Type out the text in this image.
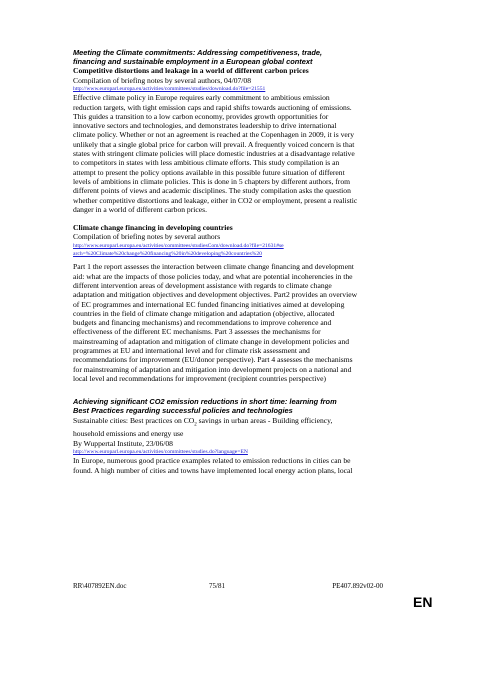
Meeting the Climate commitments: Addressing competitiveness, trade,

financing and sustainable employment in a European global context

Competitive distortions and leakage in a world of different carbon prices

Compilation of briefing notes by several authors, 04/07/08

http://www.europarl.europa.eu/activities/committees/studies/download.do?file=21551

Effective climate policy in Europe requires early commitment to ambitious emission
reduction targets, with tight emission caps and rapid shifts towards auctioning of emissions.
This guides a transition to a low carbon economy, provides growth opportunities for
innovative sectors and technologies, and demonstrates leadership to drive international
climate policy. Whether or not an agreement is reached at the Copenhagen in 2009, it is very
unlikely that a single global price for carbon will prevail. A frequently voiced concern is that
states with stringent climate policies will place domestic industries at a disadvantage relative
to competitors in states with less ambitious climate efforts. This study compilation is an
attempt to present the policy options available in this possible future situation of different
levels of ambitions in climate policies. This is done in 5 chapters by different authors, from
different points of views and academic disciplines. The study compilation asks the question
whether competitive distortions and leakage, either in CO2 or employment, present a realistic
danger in a world of different carbon prices.

Climate change financing in developing countries

Compilation of briefing notes by several authors

http://www.europarl.europa.eu/activities/committees/studiesCom/download.do?file=21631#se

arch=%20Climate%20change%20financing%20in%20developing%20countries%20

Part 1 the report assesses the interaction between climate change financing and development
aid: what are the impacts of those policies today, and what are potential incoherencies in the
different intervention areas of development assistance with regards to climate change
adaptation and mitigation objectives and development objectives. Part2 provides an overview
of EC programmes and international EC funded financing initiatives aimed at developing
countries in the field of climate change mitigation and adaptation (objective, allocated
budgets and financing mechanisms) and recommendations to improve coherence and
effectiveness of the different EC mechanisms. Part 3 assesses the mechanisms for
mainstreaming of adaptation and mitigation of climate change in development policies and
programmes at EU and international level and for climate risk assessment and
recommendations for improvement (EU/donor perspective). Part 4 assesses the mechanisms
for mainstreaming of adaptation and mitigation into development projects on a national and
local level and recommendations for improvement (recipient countries perspective)

Achieving significant CO2 emission reductions in short time: learning from

Best Practices regarding successful policies and technologies

Sustainable cities: Best practices on $CO_2$ savings in urban areas - Building efficiency,

household emissions and energy use

By Wuppertal Institute, 23/06/08

http://www.europarl.europa.eu/activities/committees/studies.do?language=EN

In Europe, numerous good practice examples related to emission reductions in cities can be
found. A high number of cities and towns have implemented local energy action plans, local
RR\407892EN.doc	75/81	PE407.892v02-00
EN
